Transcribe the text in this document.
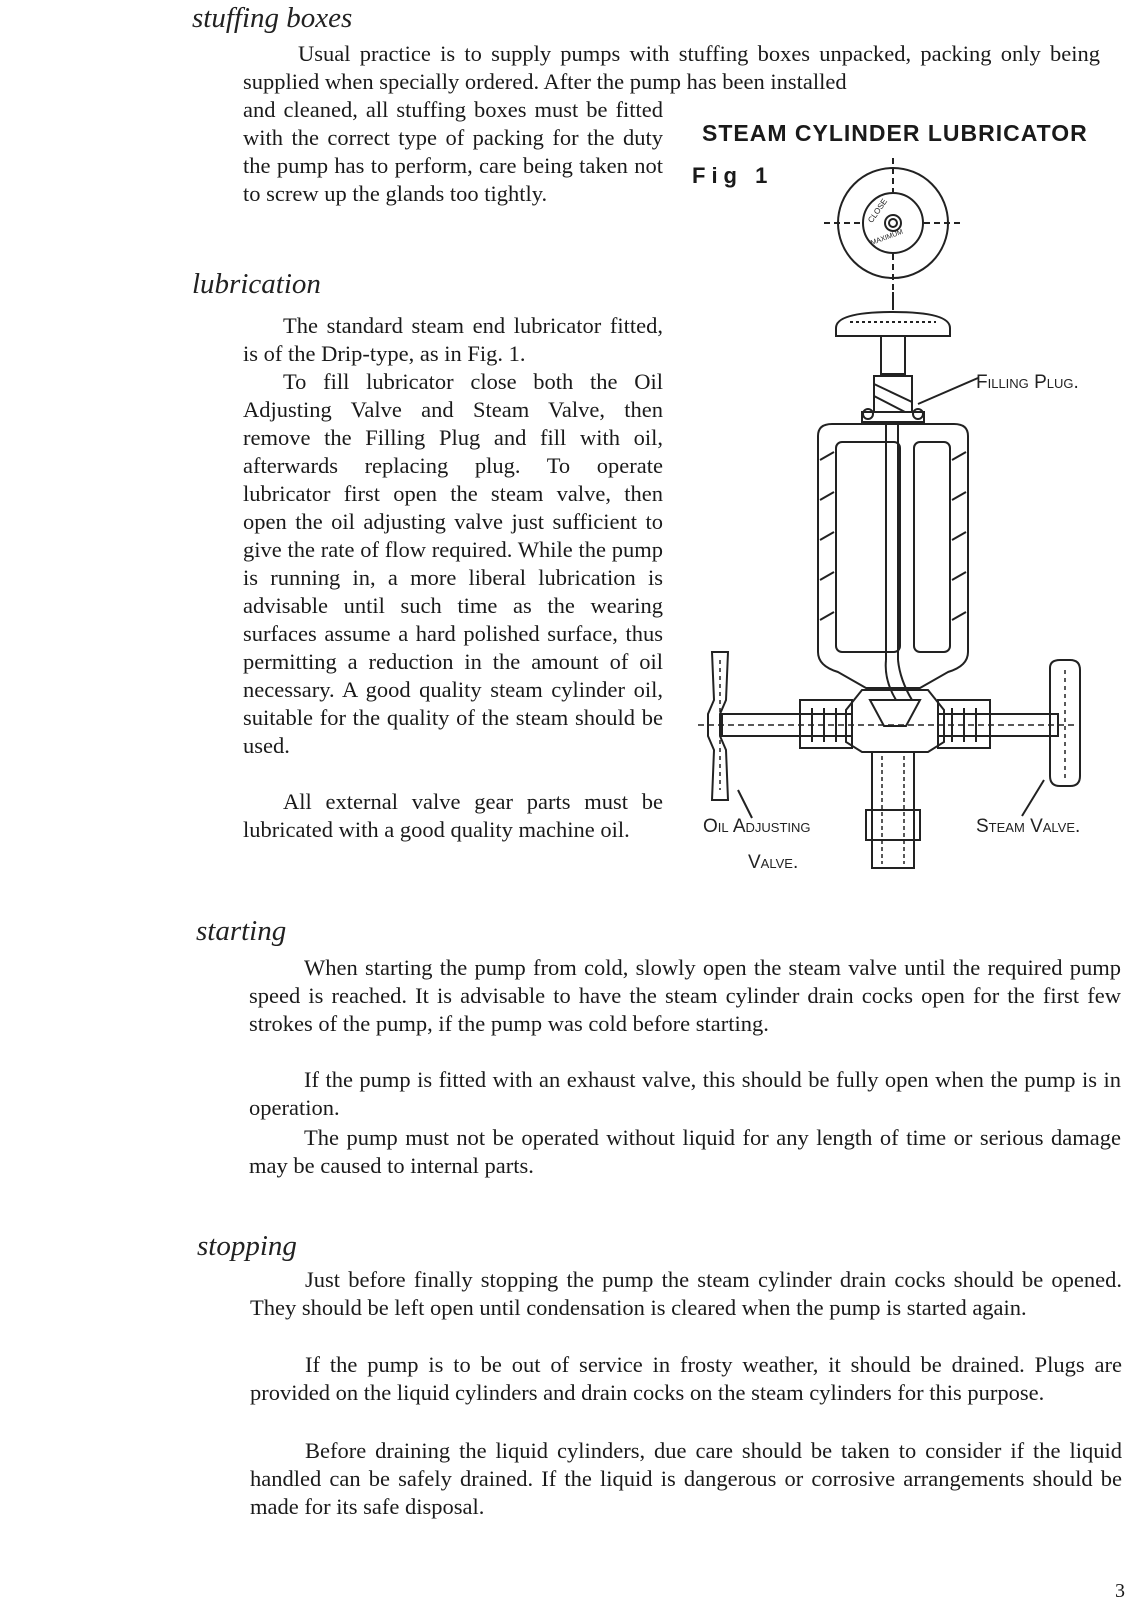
stuffing boxes

Usual practice is to supply pumps with stuffing boxes unpacked, packing only being supplied when specially ordered. After the pump has been installed

and cleaned, all stuffing boxes must be fitted with the correct type of packing for the duty the pump has to perform, care being taken not to screw up the glands too tightly.

STEAM CYLINDER LUBRICATOR

Fig 1

lubrication

The standard steam end lubricator fitted, is of the Drip-type, as in Fig. 1.

To fill lubricator close both the Oil Adjusting Valve and Steam Valve, then remove the Filling Plug and fill with oil, afterwards replacing plug. To operate lubricator first open the steam valve, then open the oil adjusting valve just sufficient to give the rate of flow required. While the pump is running in, a more liberal lubrication is advisable until such time as the wearing surfaces assume a hard polished surface, thus permitting a reduction in the amount of oil necessary. A good quality steam cylinder oil, suitable for the quality of the steam should be used.

All external valve gear parts must be lubricated with a good quality machine oil.

CLOSE
MAXIMUM

Filling Plug.

Oil Adjusting

Valve.

Steam Valve.

starting

When starting the pump from cold, slowly open the steam valve until the required pump speed is reached. It is advisable to have the steam cylinder drain cocks open for the first few strokes of the pump, if the pump was cold before starting.

If the pump is fitted with an exhaust valve, this should be fully open when the pump is in operation.

The pump must not be operated without liquid for any length of time or serious damage may be caused to internal parts.

stopping

Just before finally stopping the pump the steam cylinder drain cocks should be opened. They should be left open until condensation is cleared when the pump is started again.

If the pump is to be out of service in frosty weather, it should be drained. Plugs are provided on the liquid cylinders and drain cocks on the steam cylinders for this purpose.

Before draining the liquid cylinders, due care should be taken to consider if the liquid handled can be safely drained. If the liquid is dangerous or corrosive arrangements should be made for its safe disposal.

3
